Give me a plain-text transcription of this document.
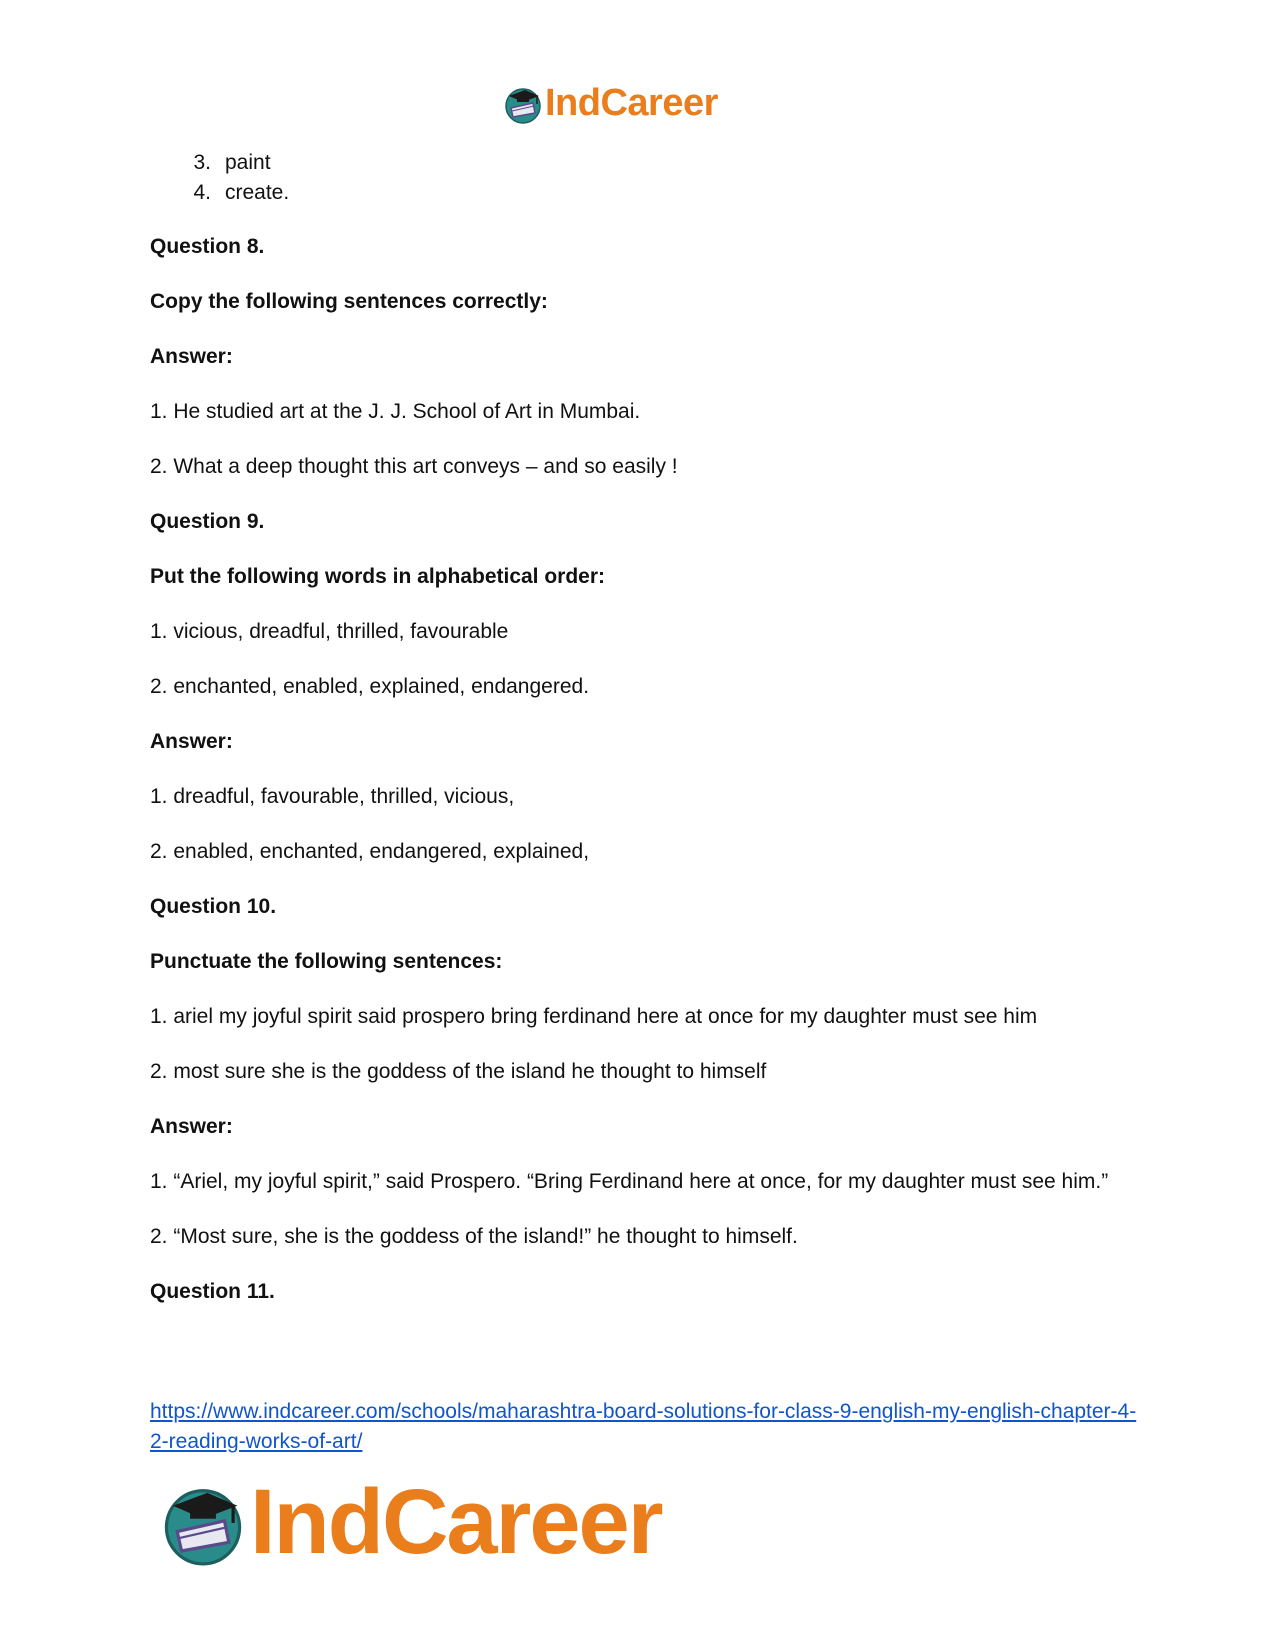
IndCareer
3. paint
4. create.

Question 8.

Copy the following sentences correctly:

Answer:

1. He studied art at the J. J. School of Art in Mumbai.

2. What a deep thought this art conveys – and so easily !

Question 9.

Put the following words in alphabetical order:

1. vicious, dreadful, thrilled, favourable

2. enchanted, enabled, explained, endangered.

Answer:

1. dreadful, favourable, thrilled, vicious,

2. enabled, enchanted, endangered, explained,

Question 10.

Punctuate the following sentences:

1. ariel my joyful spirit said prospero bring ferdinand here at once for my daughter must see him

2. most sure she is the goddess of the island he thought to himself

Answer:

1. “Ariel, my joyful spirit,” said Prospero. “Bring Ferdinand here at once, for my daughter must see him.”

2. “Most sure, she is the goddess of the island!” he thought to himself.

Question 11.

https://www.indcareer.com/schools/maharashtra-board-solutions-for-class-9-english-my-english-chapter-4-2-reading-works-of-art/
IndCareer
